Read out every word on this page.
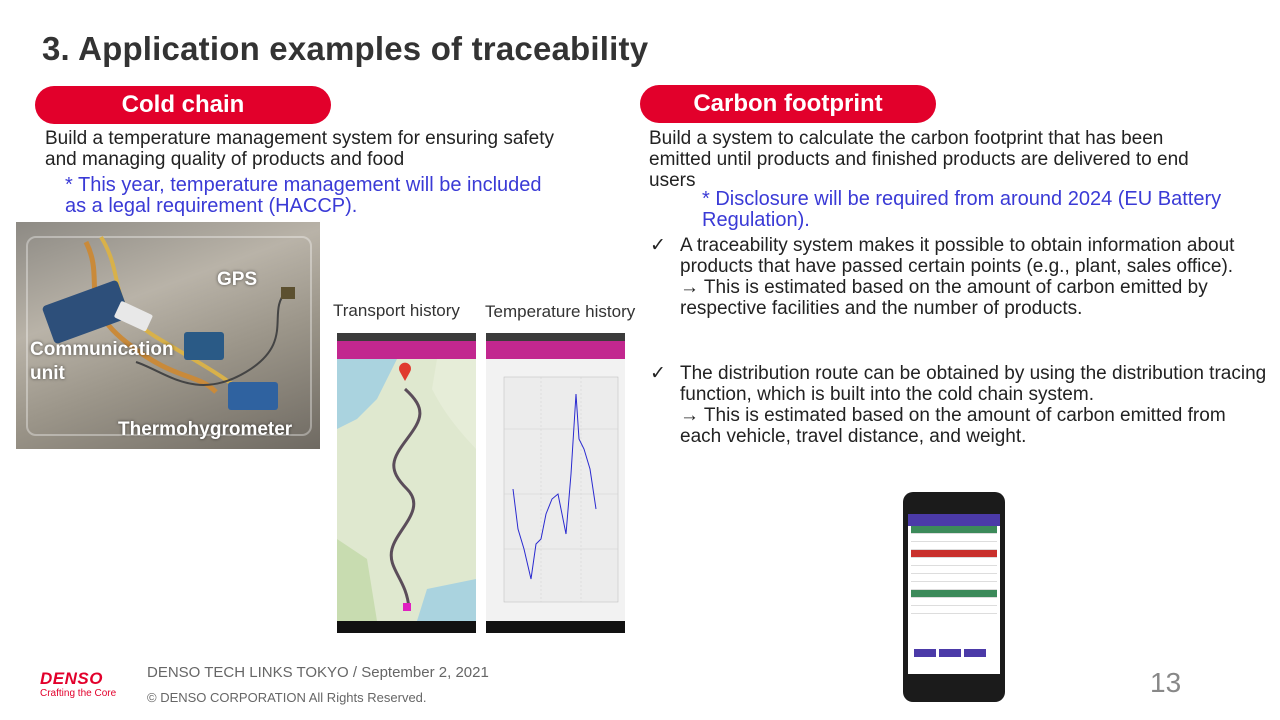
3. Application examples of traceability
Cold chain
Build a temperature management system for ensuring safety and managing quality of products and food
* This year, temperature management will be included as a legal requirement (HACCP).
GPS
Communication unit
Thermohygrometer
Transport history Temperature history
Carbon footprint
Build a system to calculate the carbon footprint that has been emitted until products and finished products are delivered to end users
* Disclosure will be required from around 2024 (EU Battery Regulation).
✓ A traceability system makes it possible to obtain information about products that have passed certain points (e.g., plant, sales office).
→ This is estimated based on the amount of carbon emitted by respective facilities and the number of products.
✓ The distribution route can be obtained by using the distribution tracing function, which is built into the cold chain system.
→ This is estimated based on the amount of carbon emitted from each vehicle, travel distance, and weight.
DENSO
Crafting the Core
DENSO TECH LINKS TOKYO / September 2, 2021
© DENSO CORPORATION All Rights Reserved.	13
